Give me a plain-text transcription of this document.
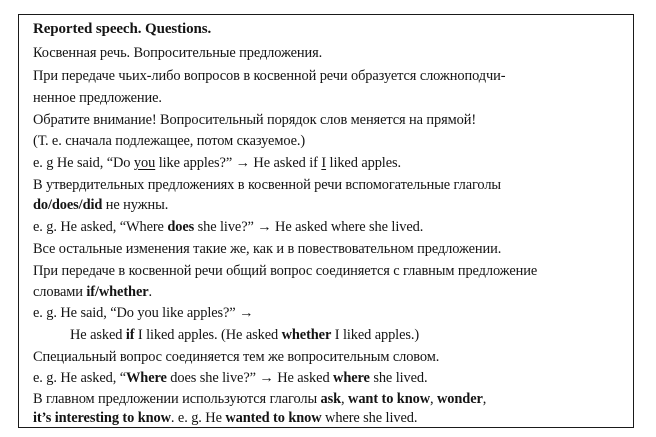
Reported speech. Questions.
Косвенная речь. Вопросительные предложения.
При передаче чьих-либо вопросов в косвенной речи образуется сложноподчи-
ненное предложение.
Обратите внимание! Вопросительный порядок слов меняется на прямой!
(Т. е. сначала подлежащее, потом сказуемое.)
e. g He said, “Do you like apples?” → He asked if I liked apples.
В утвердительных предложениях в косвенной речи вспомогательные глаголы
do/does/did не нужны.
e. g. He asked, “Where does she live?” → He asked where she lived.
Все остальные изменения такие же, как и в повествовательном предложении.
При передаче в косвенной речи общий вопрос соединяется с главным предложение
словами if/whether.
e. g. He said, “Do you like apples?” →
He asked if I liked apples. (He asked whether I liked apples.)
Специальный вопрос соединяется тем же вопросительным словом.
e. g. He asked, “Where does she live?” → He asked where she lived.
В главном предложении используются глаголы ask, want to know, wonder,
it’s interesting to know. e. g. He wanted to know where she lived.
